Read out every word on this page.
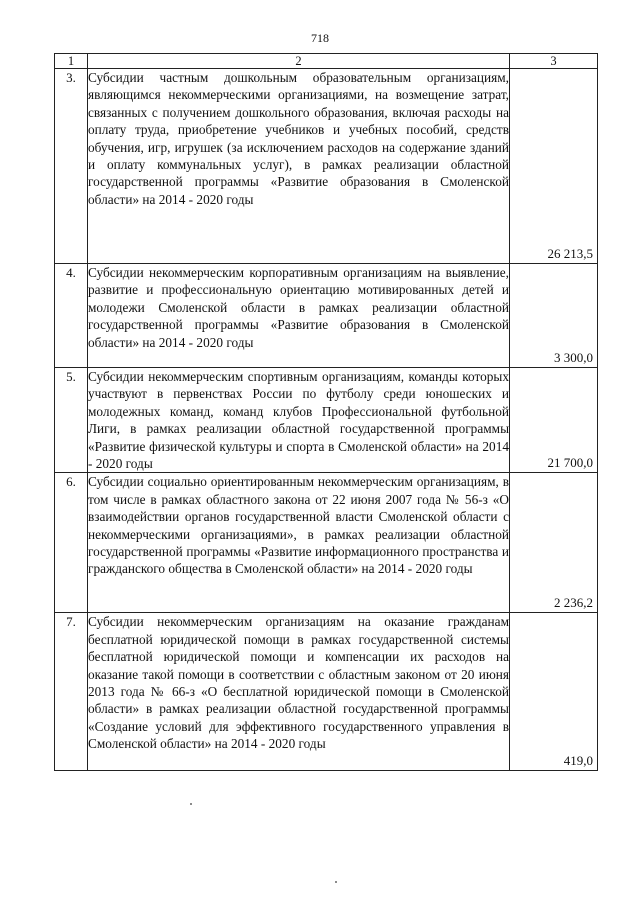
718
1	2	3
3.	Субсидии частным дошкольным образовательным организациям, являющимся некоммерческими организациями, на возмещение затрат, связанных с получением дошкольного образования, включая расходы на оплату труда, приобретение учебников и учебных пособий, средств обучения, игр, игрушек (за исключением расходов на содержание зданий и оплату коммунальных услуг), в рамках реализации областной государственной программы «Развитие образования в Смоленской области» на 2014 - 2020 годы	26 213,5

4.	Субсидии некоммерческим корпоративным организациям на выявление, развитие и профессиональную ориентацию мотивированных детей и молодежи Смоленской области в рамках реализации областной государственной программы «Развитие образования в Смоленской области» на 2014 - 2020 годы	3 300,0

5.	Субсидии некоммерческим спортивным организациям, команды которых участвуют в первенствах России по футболу среди юношеских и молодежных команд, команд клубов Профессиональной футбольной Лиги, в рамках реализации областной государственной программы «Развитие физической культуры и спорта в Смоленской области» на 2014 - 2020 годы	21 700,0

6.	Субсидии социально ориентированным некоммерческим организациям, в том числе в рамках областного закона от 22 июня 2007 года № 56-з «О взаимодействии органов государственной власти Смоленской области с некоммерческими организациями», в рамках реализации областной государственной программы «Развитие информационного пространства и гражданского общества в Смоленской области» на 2014 - 2020 годы	2 236,2

7.	Субсидии некоммерческим организациям на оказание гражданам бесплатной юридической помощи в рамках государственной системы бесплатной юридической помощи и компенсации их расходов на оказание такой помощи в соответствии с областным законом от 20 июня 2013 года № 66-з «О бесплатной юридической помощи в Смоленской области» в рамках реализации областной государственной программы «Создание условий для эффективного государственного управления в Смоленской области» на 2014 - 2020 годы	419,0
